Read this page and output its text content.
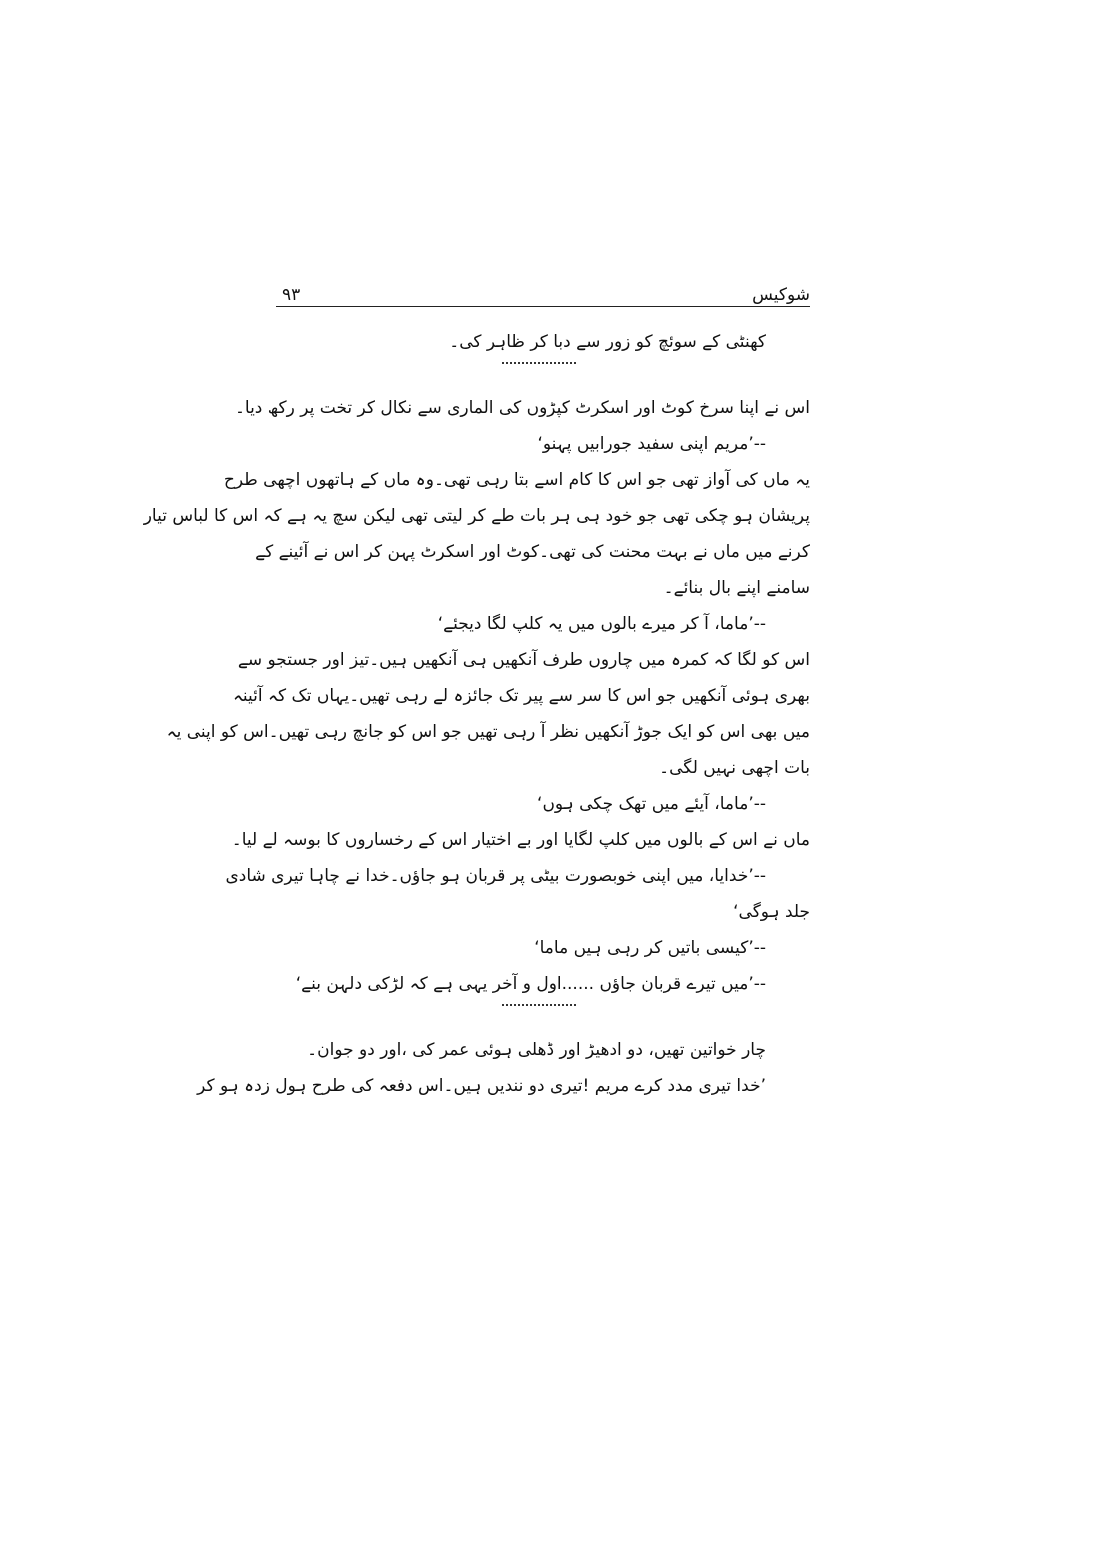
شوکیس
۹۳
کھنٹی کے سوئچ کو زور سے دبا کر ظاہر کی۔
اس نے اپنا سرخ کوٹ اور اسکرٹ کپڑوں کی الماری سے نکال کر تخت پر رکھ دیا۔
--’مریم اپنی سفید جورابیں پہنو‘
یہ ماں کی آواز تھی جو اس کا کام اسے بتا رہی تھی۔وہ ماں کے ہاتھوں اچھی طرح
پریشان ہو چکی تھی جو خود ہی ہر بات طے کر لیتی تھی لیکن سچ یہ ہے کہ اس کا لباس تیار
کرنے میں ماں نے بہت محنت کی تھی۔کوٹ اور اسکرٹ پہن کر اس نے آئینے کے
سامنے اپنے بال بنائے۔
--’ماما، آ کر میرے بالوں میں یہ کلپ لگا دیجئے‘
اس کو لگا کہ کمرہ میں چاروں طرف آنکھیں ہی آنکھیں ہیں۔تیز اور جستجو سے
بھری ہوئی آنکھیں جو اس کا سر سے پیر تک جائزہ لے رہی تھیں۔یہاں تک کہ آئینہ
میں بھی اس کو ایک جوڑ آنکھیں نظر آ رہی تھیں جو اس کو جانچ رہی تھیں۔اس کو اپنی یہ
بات اچھی نہیں لگی۔
--’ماما، آیئے میں تھک چکی ہوں‘
ماں نے اس کے بالوں میں کلپ لگایا اور بے اختیار اس کے رخساروں کا بوسہ لے لیا۔
--’خدایا، میں اپنی خوبصورت بیٹی پر قربان ہو جاؤں۔خدا نے چاہا تیری شادی
جلد ہوگی‘
--’کیسی باتیں کر رہی ہیں ماما‘
--’میں تیرے قربان جاؤں ......اول و آخر یہی ہے کہ لڑکی دلہن بنے‘
چار خواتین تھیں، دو ادھیڑ اور ڈھلی ہوئی عمر کی ،اور دو جوان۔
’خدا تیری مدد کرے مریم !تیری دو نندیں ہیں۔اس دفعہ کی طرح ہول زدہ ہو کر
